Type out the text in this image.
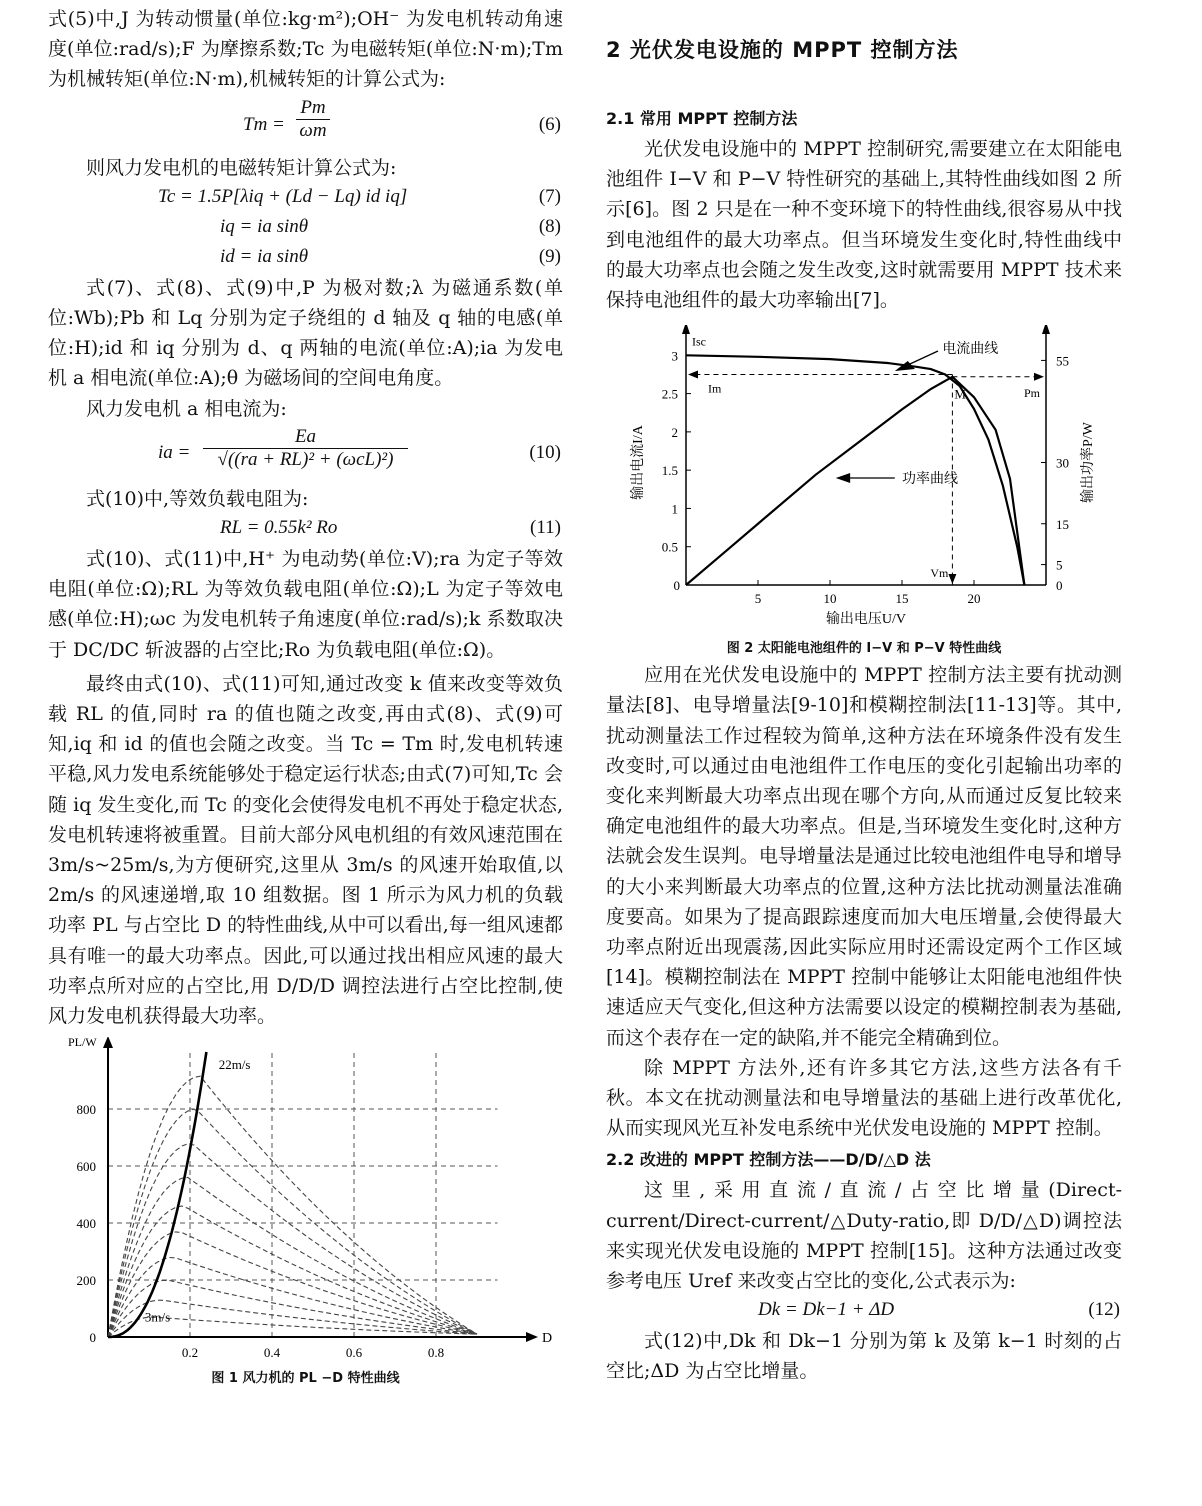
式(5)中,J 为转动惯量(单位:kg·m²);OH⁻ 为发电机转动角速度(单位:rad/s);F 为摩擦系数;Tc 为电磁转矩(单位:N·m);Tm 为机械转矩(单位:N·m),机械转矩的计算公式为:

$Tm = \frac{Pm}{\omega m}$	(6)

则风力发电机的电磁转矩计算公式为:

Tc = 1.5P[λiq + (Ld − Lq) id iq]	(7)
iq = ia sinθ	(8)
id = ia sinθ	(9)

式(7)、式(8)、式(9)中,P 为极对数;λ 为磁通系数(单位:Wb);Pb 和 Lq 分别为定子绕组的 d 轴及 q 轴的电感(单位:H);id 和 iq 分别为 d、q 两轴的电流(单位:A);ia 为发电机 a 相电流(单位:A);θ 为磁场间的空间电角度。

风力发电机 a 相电流为:

ia =
Ea
√((ra + RL)² + (ωcL)²)	(10)

式(10)中,等效负载电阻为:

RL = 0.55k² Ro	(11)

式(10)、式(11)中,H⁺ 为电动势(单位:V);ra 为定子等效电阻(单位:Ω);RL 为等效负载电阻(单位:Ω);L 为定子等效电感(单位:H);ωc 为发电机转子角速度(单位:rad/s);k 系数取决于 DC/DC 斩波器的占空比;Ro 为负载电阻(单位:Ω)。

最终由式(10)、式(11)可知,通过改变 k 值来改变等效负载 RL 的值,同时 ra 的值也随之改变,再由式(8)、式(9)可知,iq 和 id 的值也会随之改变。当 Tc = Tm 时,发电机转速平稳,风力发电系统能够处于稳定运行状态;由式(7)可知,Tc 会随 iq 发生变化,而 Tc 的变化会使得发电机不再处于稳定状态,发电机转速将被重置。目前大部分风电机组的有效风速范围在 3m/s~25m/s,为方便研究,这里从 3m/s 的风速开始取值,以 2m/s 的风速递增,取 10 组数据。图 1 所示为风力机的负载功率 PL 与占空比 D 的特性曲线,从中可以看出,每一组风速都具有唯一的最大功率点。因此,可以通过找出相应风速的最大功率点所对应的占空比,用 D/D/D 调控法进行占空比控制,使风力发电机获得最大功率。

0.2	0.4	0.6	0.8
0
200
400
600
800
D
PL/W
22m/s
3m/s
图 1 风力机的 PL −D 特性曲线
2 光伏发电设施的 MPPT 控制方法
2.1 常用 MPPT 控制方法

光伏发电设施中的 MPPT 控制研究,需要建立在太阳能电池组件 I−V 和 P−V 特性研究的基础上,其特性曲线如图 2 所示[6]。图 2 只是在一种不变环境下的特性曲线,很容易从中找到电池组件的最大功率点。但当环境发生变化时,特性曲线中的最大功率点也会随之发生改变,这时就需要用 MPPT 技术来保持电池组件的最大功率输出[7]。

5	10	15	20
0
0.5
1
1.5
2
2.5
3
0
5
15
30
55
输出电压U/V
输出电流I/A	输出功率P/W
Isc
Im	M
Vm
Pm
电流曲线
功率曲线
图 2 太阳能电池组件的 I−V 和 P−V 特性曲线

应用在光伏发电设施中的 MPPT 控制方法主要有扰动测量法[8]、电导增量法[9-10]和模糊控制法[11-13]等。其中,扰动测量法工作过程较为简单,这种方法在环境条件没有发生改变时,可以通过由电池组件工作电压的变化引起输出功率的变化来判断最大功率点出现在哪个方向,从而通过反复比较来确定电池组件的最大功率点。但是,当环境发生变化时,这种方法就会发生误判。电导增量法是通过比较电池组件电导和增导的大小来判断最大功率点的位置,这种方法比扰动测量法准确度要高。如果为了提高跟踪速度而加大电压增量,会使得最大功率点附近出现震荡,因此实际应用时还需设定两个工作区域[14]。模糊控制法在 MPPT 控制中能够让太阳能电池组件快速适应天气变化,但这种方法需要以设定的模糊控制表为基础,而这个表存在一定的缺陷,并不能完全精确到位。

除 MPPT 方法外,还有许多其它方法,这些方法各有千秋。本文在扰动测量法和电导增量法的基础上进行改革优化,从而实现风光互补发电系统中光伏发电设施的 MPPT 控制。

2.2 改进的 MPPT 控制方法——D/D/△D 法

这里,采用直流/直流/占空比增量(Direct-current/Direct-current/△Duty-ratio,即 D/D/△D)调控法来实现光伏发电设施的 MPPT 控制[15]。这种方法通过改变参考电压 Uref 来改变占空比的变化,公式表示为:

Dk = Dk−1 + ΔD	(12)

式(12)中,Dk 和 Dk−1 分别为第 k 及第 k−1 时刻的占空比;ΔD 为占空比增量。
